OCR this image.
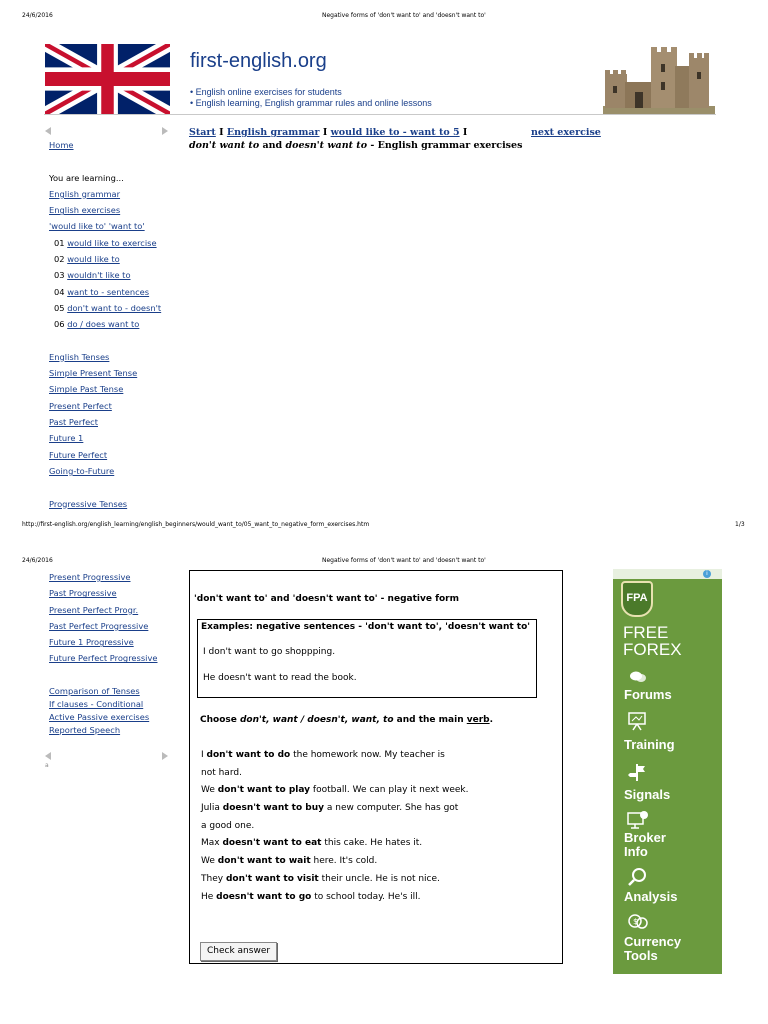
24/6/2016	Negative forms of 'don't want to' and 'doesn't want to'
first-english.org
• English online exercises for students
• English learning, English grammar rules and online lessons
Start I English grammar I would like to - want to 5 I	next exercise
don't want to and doesn't want to - English grammar exercises
Home
You are learning...
English grammar
English exercises
'would like to' 'want to'
01 would like to exercise
02 would like to
03 wouldn't like to
04 want to - sentences
05 don't want to - doesn't
06 do / does want to
English Tenses
Simple Present Tense
Simple Past Tense
Present Perfect
Past Perfect
Future 1
Future Perfect
Going-to-Future
Progressive Tenses
http://first-english.org/english_learning/english_beginners/would_want_to/05_want_to_negative_form_exercises.htm	1/3
24/6/2016	Negative forms of 'don't want to' and 'doesn't want to'
Present Progressive
Past Progressive
Present Perfect Progr.
Past Perfect Progressive
Future 1 Progressive
Future Perfect Progressive
Comparison of Tenses
If clauses - Conditional
Active Passive exercises
Reported Speech
a
'don't want to' and 'doesn't want to' - negative form
Examples: negative sentences - 'don't want to', 'doesn't want to'
I don't want to go shoppping.
He doesn't want to read the book.
Choose don't, want / doesn't, want, to and the main verb.
I don't want to do the homework now. My teacher is
not hard.
We don't want to play football. We can play it next week.
Julia doesn't want to buy a new computer. She has got
a good one.
Max doesn't want to eat this cake. He hates it.
We don't want to wait here. It's cold.
They don't want to visit their uncle. He is not nice.
He doesn't want to go to school today. He's ill.
Check answer
i
FPA
FREE
FOREX
Forums
Training
Signals
Broker
Info
Analysis
$
Currency
Tools
